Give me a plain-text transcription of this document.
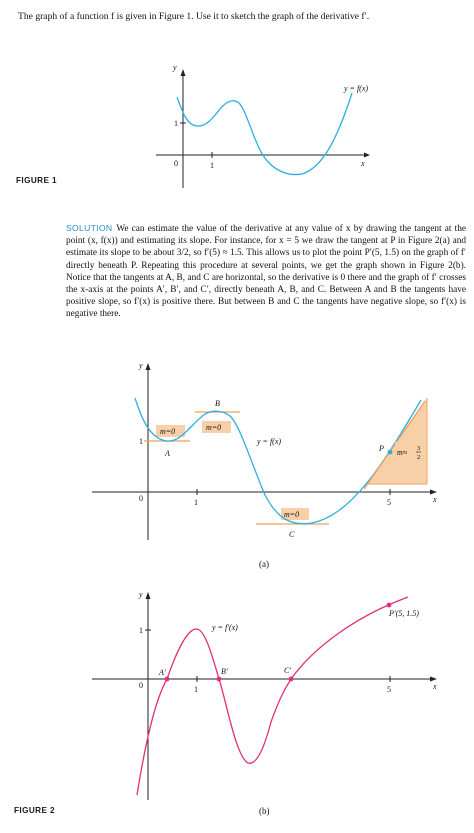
The graph of a function f is given in Figure 1. Use it to sketch the graph of the derivative f′.
y
x
0	1
1
y = f(x)
FIGURE 1
SOLUTION We can estimate the value of the derivative at any value of x by drawing the tangent at the point (x, f(x)) and estimating its slope. For instance, for x = 5 we draw the tangent at P in Figure 2(a) and estimate its slope to be about 3/2, so f′(5) ≈ 1.5. This allows us to plot the point P′(5, 1.5) on the graph of f′ directly beneath P. Repeating this procedure at several points, we get the graph shown in Figure 2(b). Notice that the tangents at A, B, and C are horizontal, so the derivative is 0 there and the graph of f′ crosses the x-axis at the points A′, B′, and C′, directly beneath A, B, and C. Between A and B the tangents have positive slope, so f′(x) is positive there. But between B and C the tangents have negative slope, so f′(x) is negative there.
y
x
0	1	5
1
m=0	m=0
m=0
B
A
C
P
y = f(x)
m≈ 3
2
(a)
y
x
0	1	5
1
A′	B′	C′
P′(5, 1.5)
y = f′(x)
(b)
FIGURE 2
